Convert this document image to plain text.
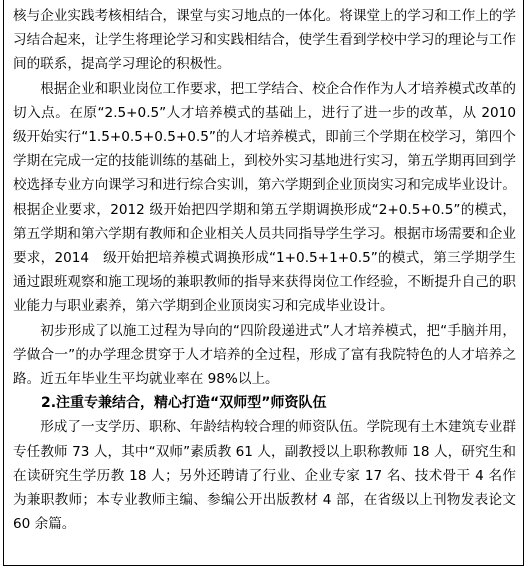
核与企业实践考核相结合，课堂与实习地点的一体化。将课堂上的学习和工作上的学习结合起来，让学生将理论学习和实践相结合，使学生看到学校中学习的理论与工作间的联系，提高学习理论的积极性。

根据企业和职业岗位工作要求，把工学结合、校企合作作为人才培养模式改革的切入点。在原“2.5+0.5”人才培养模式的基础上，进行了进一步的改革，从 2010 级开始实行“1.5+0.5+0.5+0.5”的人才培养模式，即前三个学期在校学习，第四个学期在完成一定的技能训练的基础上，到校外实习基地进行实习，第五学期再回到学校选择专业方向课学习和进行综合实训，第六学期到企业顶岗实习和完成毕业设计。根据企业要求，2012 级开始把四学期和第五学期调换形成“2+0.5+0.5”的模式，第五学期和第六学期有教师和企业相关人员共同指导学生学习。根据市场需要和企业要求，2014　级开始把培养模式调换形成“1+0.5+1+0.5”的模式，第三学期学生通过跟班观察和施工现场的兼职教师的指导来获得岗位工作经验，不断提升自己的职业能力与职业素养，第六学期到企业顶岗实习和完成毕业设计。

初步形成了以施工过程为导向的“四阶段递进式”人才培养模式，把“手脑并用，学做合一”的办学理念贯穿于人才培养的全过程，形成了富有我院特色的人才培养之路。近五年毕业生平均就业率在 98%以上。

2.注重专兼结合，精心打造“双师型”师资队伍

形成了一支学历、职称、年龄结构较合理的师资队伍。学院现有土木建筑专业群专任教师 73 人，其中“双师”素质教 61 人，副教授以上职称教师 18 人，研究生和在读研究生学历教 18 人；另外还聘请了行业、企业专家 17 名、技术骨干 4 名作为兼职教师；本专业教师主编、参编公开出版教材 4 部，在省级以上刊物发表论文 60 余篇。
